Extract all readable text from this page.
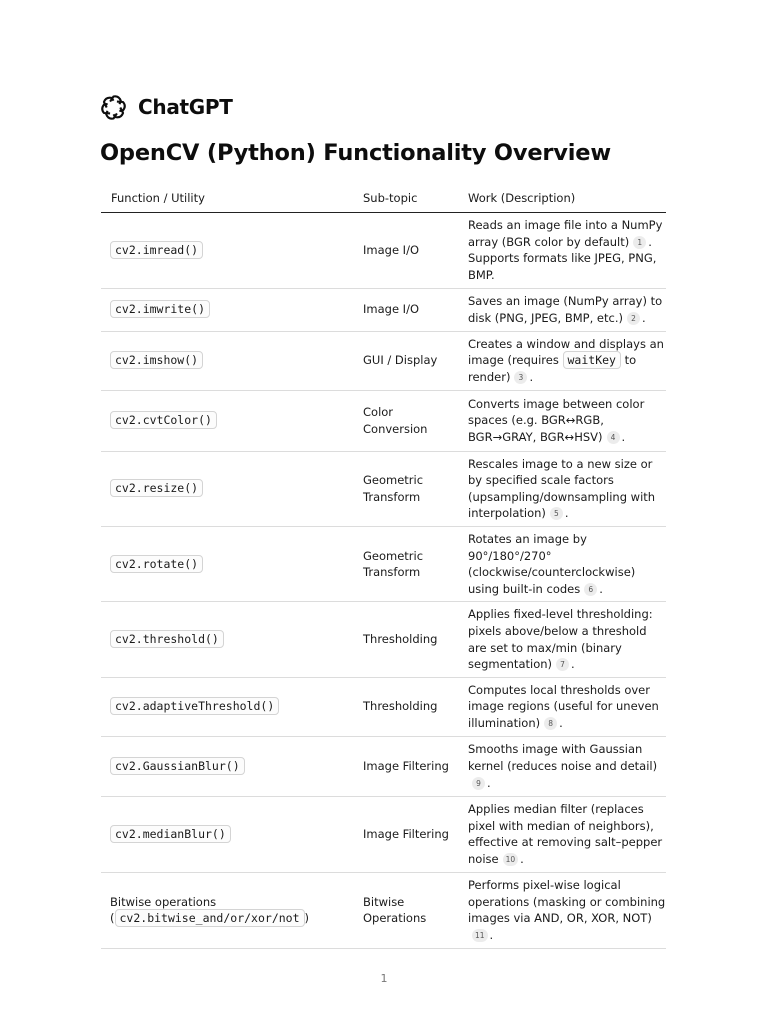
ChatGPT
OpenCV (Python) Functionality Overview
Function / Utility	Sub-topic	Work (Description)
cv2.imread()	Image I/O	Reads an image file into a NumPy array (BGR color by default) 1 . Supports formats like JPEG, PNG, BMP.
cv2.imwrite()	Image I/O	Saves an image (NumPy array) to disk (PNG, JPEG, BMP, etc.) 2 .
cv2.imshow()	GUI / Display	Creates a window and displays an image (requires waitKey to render) 3 .
cv2.cvtColor()	Color Conversion	Converts image between color spaces (e.g. BGR↔RGB, BGR→GRAY, BGR↔HSV) 4 .
cv2.resize()	Geometric Transform	Rescales image to a new size or by specified scale factors (upsampling/downsampling with interpolation) 5 .
cv2.rotate()	Geometric Transform	Rotates an image by 90°/180°/270° (clockwise/counterclockwise) using built-in codes 6 .
cv2.threshold()	Thresholding	Applies fixed-level thresholding: pixels above/below a threshold are set to max/min (binary segmentation) 7 .
cv2.adaptiveThreshold()	Thresholding	Computes local thresholds over image regions (useful for uneven illumination) 8 .
cv2.GaussianBlur()	Image Filtering	Smooths image with Gaussian kernel (reduces noise and detail)9 .
cv2.medianBlur()	Image Filtering	Applies median filter (replaces pixel with median of neighbors), effective at removing salt–pepper noise 10 .
Bitwise operations ( cv2.bitwise_and/or/xor/not )	Bitwise Operations	Performs pixel-wise logical operations (masking or combining images via AND, OR, XOR, NOT)11 .
1
